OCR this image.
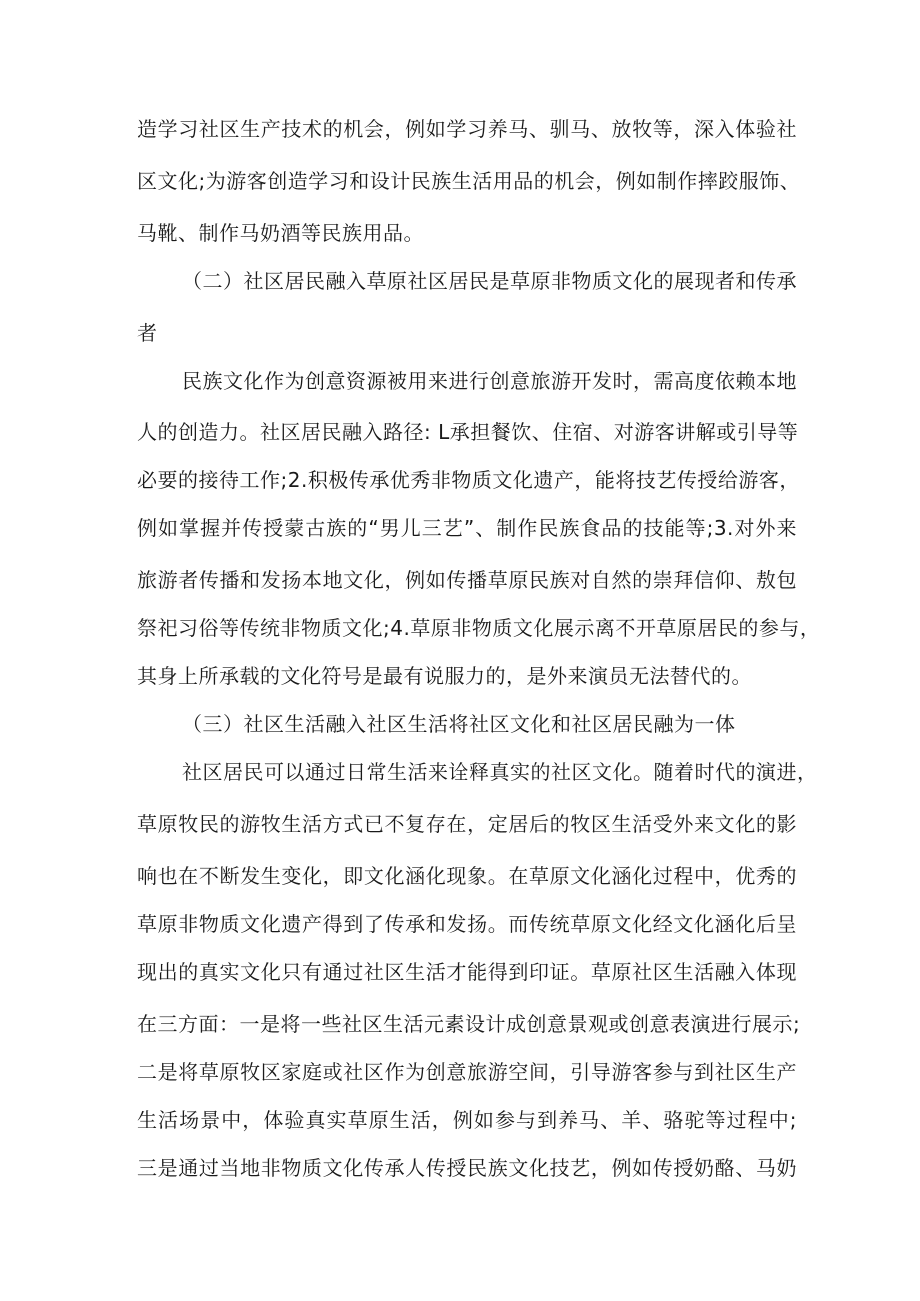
造学习社区生产技术的机会，例如学习养马、驯马、放牧等，深入体验社
区文化;为游客创造学习和设计民族生活用品的机会，例如制作摔跤服饰、
马靴、制作马奶酒等民族用品。
（二）社区居民融入草原社区居民是草原非物质文化的展现者和传承
者
民族文化作为创意资源被用来进行创意旅游开发时，需高度依赖本地
人的创造力。社区居民融入路径: L承担餐饮、住宿、对游客讲解或引导等
必要的接待工作;2.积极传承优秀非物质文化遗产，能将技艺传授给游客，
例如掌握并传授蒙古族的“男儿三艺”、制作民族食品的技能等;3.对外来
旅游者传播和发扬本地文化，例如传播草原民族对自然的崇拜信仰、敖包
祭祀习俗等传统非物质文化;4.草原非物质文化展示离不开草原居民的参与，
其身上所承载的文化符号是最有说服力的，是外来演员无法替代的。
（三）社区生活融入社区生活将社区文化和社区居民融为一体
社区居民可以通过日常生活来诠释真实的社区文化。随着时代的演进，
草原牧民的游牧生活方式已不复存在，定居后的牧区生活受外来文化的影
响也在不断发生变化，即文化涵化现象。在草原文化涵化过程中，优秀的
草原非物质文化遗产得到了传承和发扬。而传统草原文化经文化涵化后呈
现出的真实文化只有通过社区生活才能得到印证。草原社区生活融入体现
在三方面：一是将一些社区生活元素设计成创意景观或创意表演进行展示;
二是将草原牧区家庭或社区作为创意旅游空间，引导游客参与到社区生产
生活场景中，体验真实草原生活，例如参与到养马、羊、骆驼等过程中;
三是通过当地非物质文化传承人传授民族文化技艺，例如传授奶酪、马奶
